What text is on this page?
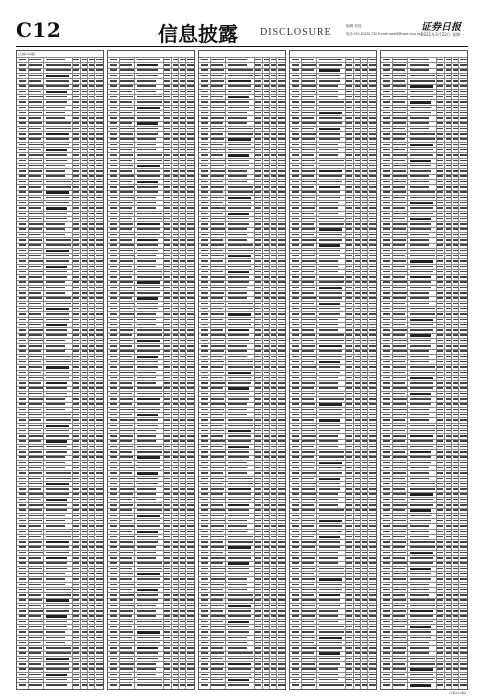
C12	信息披露 DISCLOSURE
编辑 苏扬
电话:010-83251730 E-mail:zqrb9@zqrb.sina.net
证券日报
2021年3月22日 星期一
(上接C11版)
(下转C13版)
